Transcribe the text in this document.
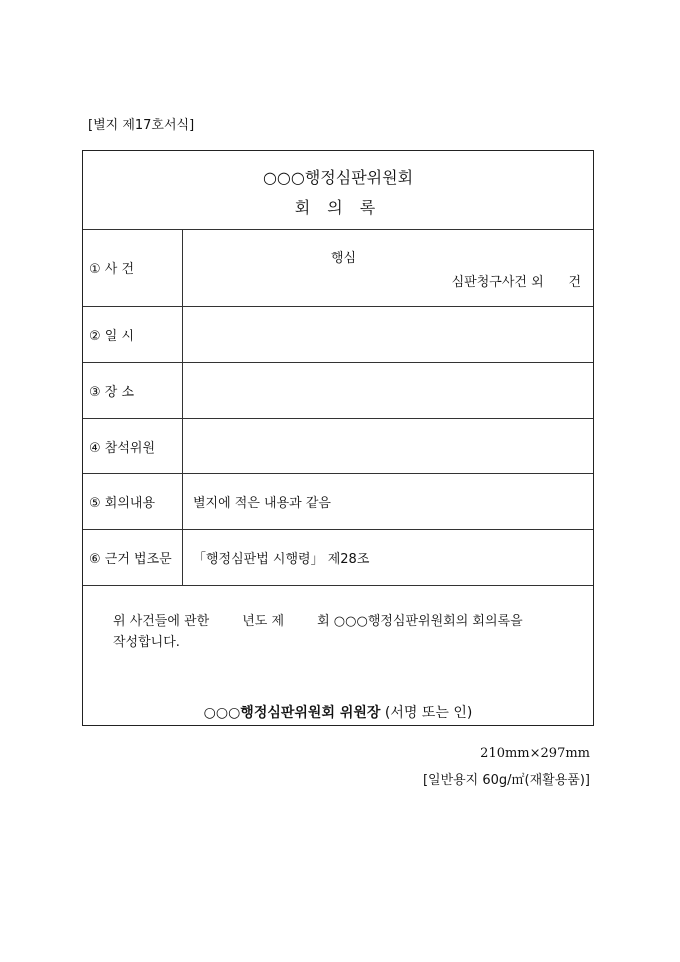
[별지 제17호서식]
○○○행정심판위원회
회 의 록
① 사 건
행심
심판청구사건 외      건
② 일 시
③ 장 소
④ 참석위원
⑤ 회의내용	별지에 적은 내용과 같음
⑥ 근거 법조문	「행정심판법 시행령」 제28조
위 사건들에 관한        년도 제        회 ○○○행정심판위원회의 회의록을
작성합니다.
○○○행정심판위원회 위원장 (서명 또는 인)
210mm×297mm
[일반용지 60g/㎡(재활용품)]
